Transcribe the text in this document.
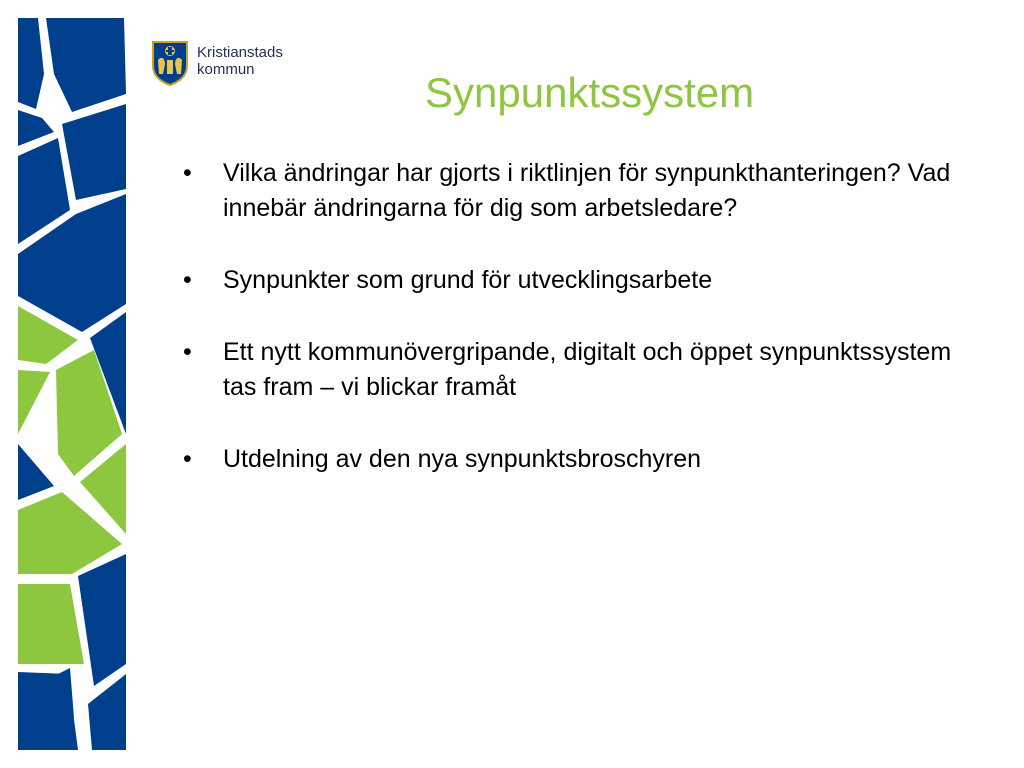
Kristianstads
kommun	Synpunktssystem
• Vilka ändringar har gjorts i riktlinjen för synpunkthanteringen? Vad innebär ändringarna för dig som arbetsledare?
• Synpunkter som grund för utvecklingsarbete
• Ett nytt kommunövergripande, digitalt och öppet synpunktssystem tas fram – vi blickar framåt
• Utdelning av den nya synpunktsbroschyren
